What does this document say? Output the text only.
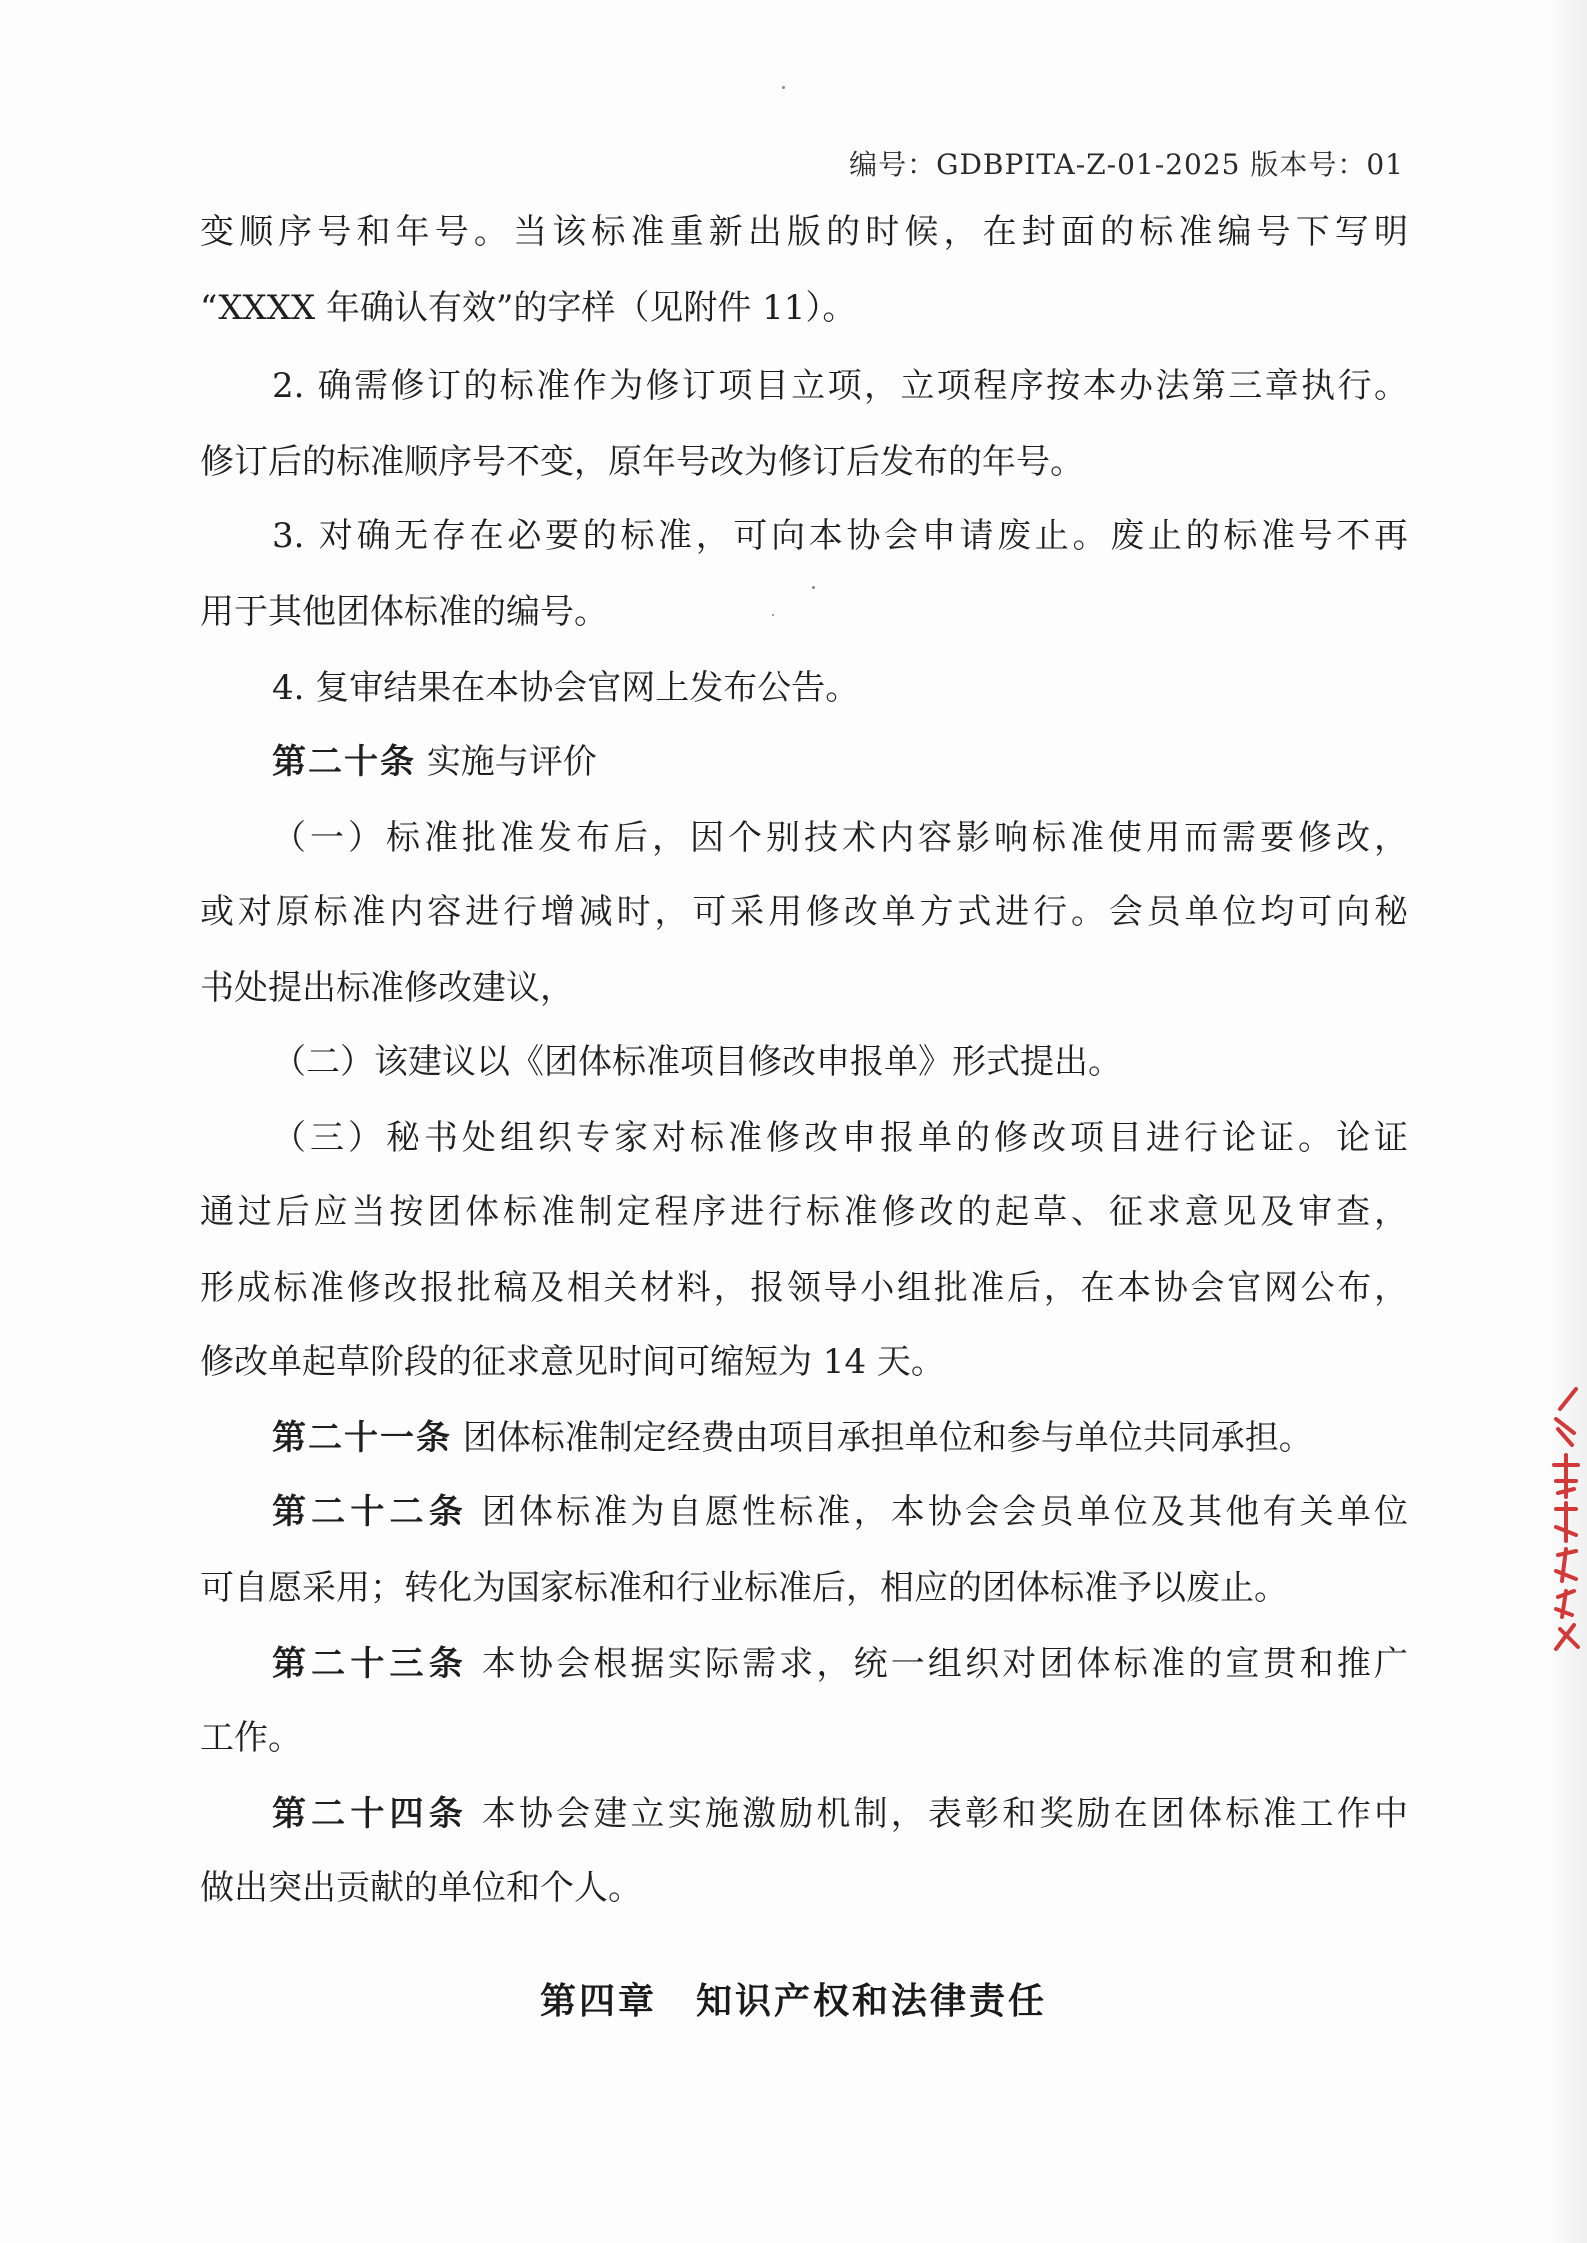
编号：GDBPITA-Z-01-2025 版本号：01
变顺序号和年号。当该标准重新出版的时候，在封面的标准编号下写明
“XXXX 年确认有效”的字样（见附件 11）。
2. 确需修订的标准作为修订项目立项，立项程序按本办法第三章执行。
修订后的标准顺序号不变，原年号改为修订后发布的年号。
3. 对确无存在必要的标准，可向本协会申请废止。废止的标准号不再
用于其他团体标准的编号。
4. 复审结果在本协会官网上发布公告。
第二十条 实施与评价
（一）标准批准发布后，因个别技术内容影响标准使用而需要修改，
或对原标准内容进行增减时，可采用修改单方式进行。会员单位均可向秘
书处提出标准修改建议，
（二）该建议以《团体标准项目修改申报单》形式提出。
（三）秘书处组织专家对标准修改申报单的修改项目进行论证。论证
通过后应当按团体标准制定程序进行标准修改的起草、征求意见及审查，
形成标准修改报批稿及相关材料，报领导小组批准后，在本协会官网公布，
修改单起草阶段的征求意见时间可缩短为 14 天。
第二十一条 团体标准制定经费由项目承担单位和参与单位共同承担。
第二十二条 团体标准为自愿性标准，本协会会员单位及其他有关单位
可自愿采用；转化为国家标准和行业标准后，相应的团体标准予以废止。
第二十三条 本协会根据实际需求，统一组织对团体标准的宣贯和推广
工作。
第二十四条 本协会建立实施激励机制，表彰和奖励在团体标准工作中
做出突出贡献的单位和个人。
第四章　知识产权和法律责任
